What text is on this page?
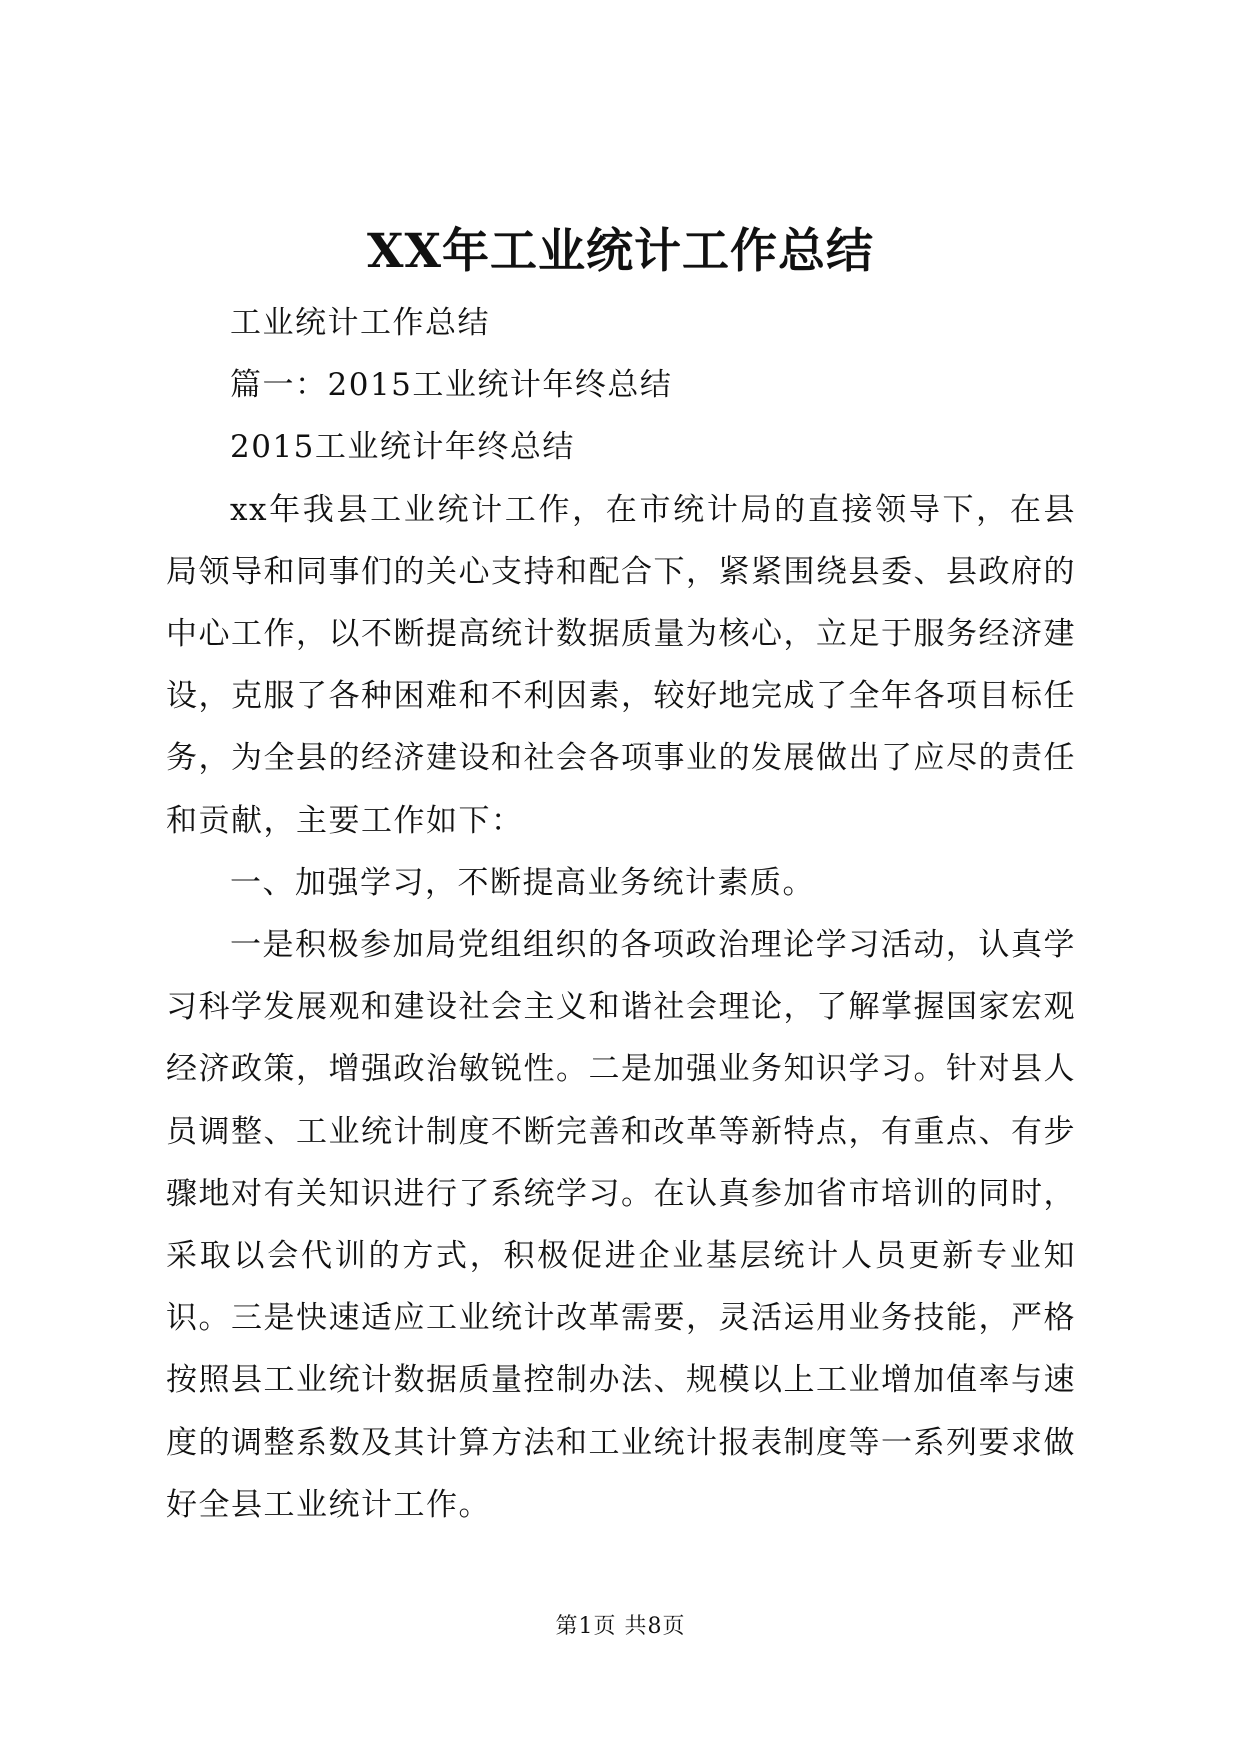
XX年工业统计工作总结

工业统计工作总结

篇一：2015工业统计年终总结

2015工业统计年终总结

xx年我县工业统计工作，在市统计局的直接领导下，在县局领导和同事们的关心支持和配合下，紧紧围绕县委、县政府的中心工作，以不断提高统计数据质量为核心，立足于服务经济建设，克服了各种困难和不利因素，较好地完成了全年各项目标任务，为全县的经济建设和社会各项事业的发展做出了应尽的责任和贡献，主要工作如下：

一、加强学习，不断提高业务统计素质。

一是积极参加局党组组织的各项政治理论学习活动，认真学习科学发展观和建设社会主义和谐社会理论，了解掌握国家宏观经济政策，增强政治敏锐性。二是加强业务知识学习。针对县人员调整、工业统计制度不断完善和改革等新特点，有重点、有步骤地对有关知识进行了系统学习。在认真参加省市培训的同时，采取以会代训的方式，积极促进企业基层统计人员更新专业知识。三是快速适应工业统计改革需要，灵活运用业务技能，严格按照县工业统计数据质量控制办法、规模以上工业增加值率与速度的调整系数及其计算方法和工业统计报表制度等一系列要求做好全县工业统计工作。

第1页 共8页
